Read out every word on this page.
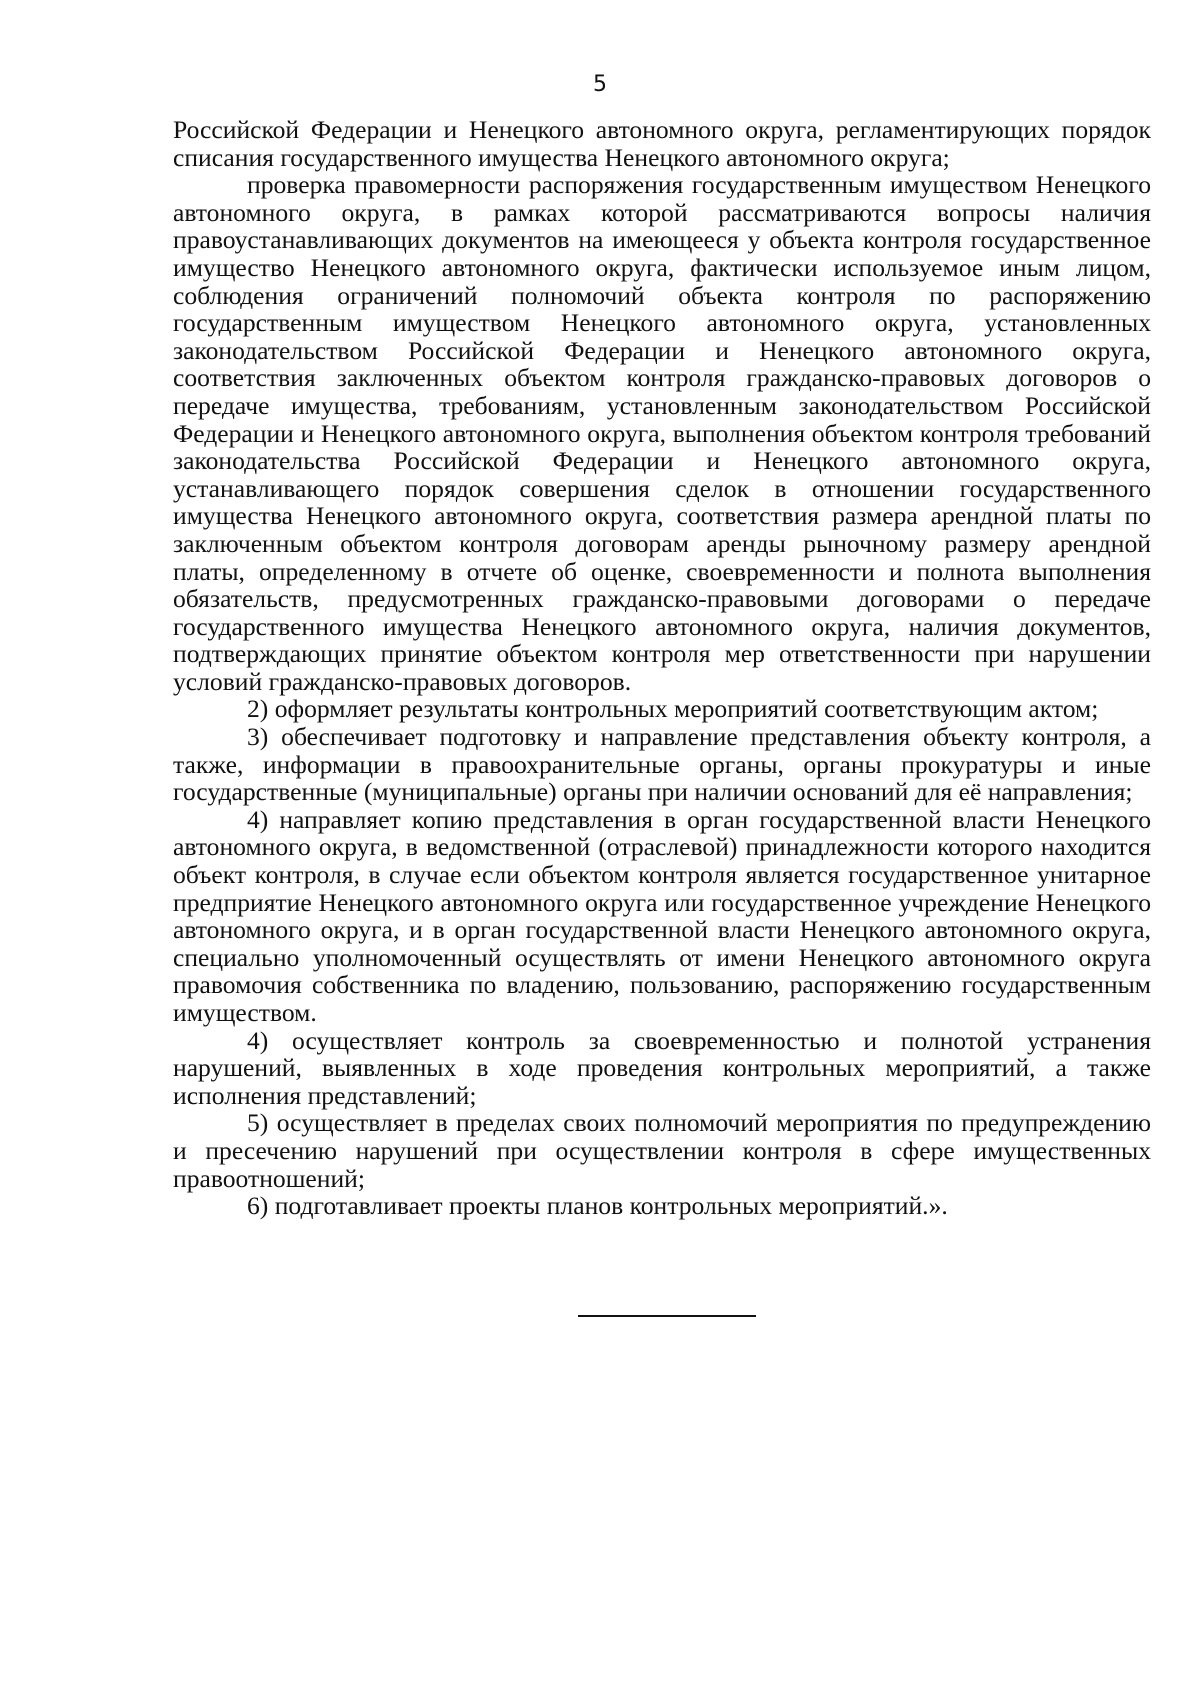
5

Российской Федерации и Ненецкого автономного округа, регламентирующих порядок списания государственного имущества Ненецкого автономного округа;

проверка правомерности распоряжения государственным имуществом Ненецкого автономного округа, в рамках которой рассматриваются вопросы наличия правоустанавливающих документов на имеющееся у объекта контроля государственное имущество Ненецкого автономного округа, фактически используемое иным лицом, соблюдения ограничений полномочий объекта контроля по распоряжению государственным имуществом Ненецкого автономного округа, установленных законодательством Российской Федерации и Ненецкого автономного округа, соответствия заключенных объектом контроля гражданско-правовых договоров о передаче имущества, требованиям, установленным законодательством Российской Федерации и Ненецкого автономного округа, выполнения объектом контроля требований законодательства Российской Федерации и Ненецкого автономного округа, устанавливающего порядок совершения сделок в отношении государственного имущества Ненецкого автономного округа, соответствия размера арендной платы по заключенным объектом контроля договорам аренды рыночному размеру арендной платы, определенному в отчете об оценке, своевременности и полнота выполнения обязательств, предусмотренных гражданско-правовыми договорами о передаче государственного имущества Ненецкого автономного округа, наличия документов, подтверждающих принятие объектом контроля мер ответственности при нарушении условий гражданско-правовых договоров.

2) оформляет результаты контрольных мероприятий соответствующим актом;

3) обеспечивает подготовку и направление представления объекту контроля, а также, информации в правоохранительные органы, органы прокуратуры и иные государственные (муниципальные) органы при наличии оснований для её направления;

4) направляет копию представления в орган государственной власти Ненецкого автономного округа, в ведомственной (отраслевой) принадлежности которого находится объект контроля, в случае если объектом контроля является государственное унитарное предприятие Ненецкого автономного округа или государственное учреждение Ненецкого автономного округа, и в орган государственной власти Ненецкого автономного округа, специально уполномоченный осуществлять от имени Ненецкого автономного округа правомочия собственника по владению, пользованию, распоряжению государственным имуществом.

4) осуществляет контроль за своевременностью и полнотой устранения нарушений, выявленных в ходе проведения контрольных мероприятий, а также исполнения представлений;

5) осуществляет в пределах своих полномочий мероприятия по предупреждению и пресечению нарушений при осуществлении контроля в сфере имущественных правоотношений;

6) подготавливает проекты планов контрольных мероприятий.».
